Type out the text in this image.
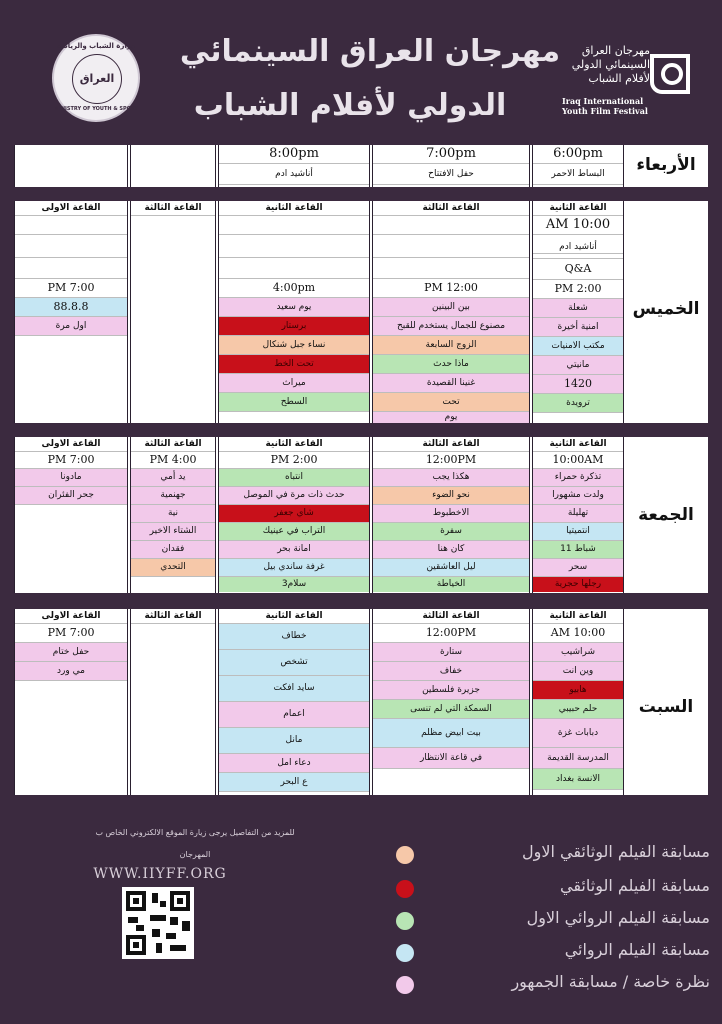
مهرجان العراق السينمائي
الدولي لأفلام الشباب
مهرجان العراق السينمائي الدولي لأفلام الشباب
Iraq International Youth Film Festival
وزارة الشباب والرياضة
العراق
MINISTRY OF YOUTH & SPORT
الأربعاء
6:00pm
البساط الاحمر
7:00pm
حفل الافتتاح
8:00pm
أناشيد ادم
الخميس
القاعة الثانية
10:00 AM
أناشيد ادم
Q&A
2:00 PM
شعلة
امنية أخيرة
مكتب الامنيات
مانيتي
1420
ترويدة
القاعة الثالثة
12:00 PM
بين البينين
مصنوع للجمال يستخدم للقبح
الزوج السابعة
ماذا حدث
غنينا القصيدة
تحت
يوم
القاعة الثانية
4:00pm
يوم سعيد
برستار
نساء جبل شنكال
تحت الخط
ميراث
السطح
القاعة الثالثة
القاعة الاولى
7:00 PM
88.8.8
اول مرة
الجمعة
القاعة الثانية
10:00AM
تذكرة حمراء
ولدت مشهورا
تهليلة
انتميتيا
شباط 11
سحر
رجلها حجرية
القاعة الثالثة
12:00PM
هكذا يجب
نحو الضوء
الاخطبوط
سفرة
كان هنا
ليل العاشقين
الخياطة
القاعة الثانية
2:00 PM
انتباه
حدث ذات مرة في الموصل
شاي جعفر
التراب في عينيك
امانة بحر
غرفة ساندي بيل
سلام3
القاعة الثالثة
4:00 PM
يد أمي
جهنمية
نية
الشتاء الاخير
فقدان
التحدي
القاعة الاولى
7:00 PM
مادونا
جحر الفئران
السبت
القاعة الثانية
10:00 AM
شراشيب
وين انت
هابيو
حلم حبيبي
دبابات غزة
المدرسة القديمة
الانسة بغداد
القاعة الثالثة
12:00PM
ستارة
خفاف
جزيرة فلسطين
السمكة التي لم تنسى
بيت ابيض مظلم
في قاعة الانتظار
القاعة الثانية
خطاف
تشخص
سايد افكت
اعمام
مانل
دعاء امل
ع البحر
القاعة الثالثة
القاعة الاولى
7:00 PM
حفل ختام
مي ورد
للمزيد من التفاصيل يرجى زيارة الموقع الالكتروني الخاص ب
المهرجان
WWW.IIYFF.ORG
مسابقة الفيلم الوثائقي الاول
مسابقة الفيلم الوثائقي
مسابقة الفيلم الروائي الاول
مسابقة الفيلم الروائي
نظرة خاصة / مسابقة الجمهور
